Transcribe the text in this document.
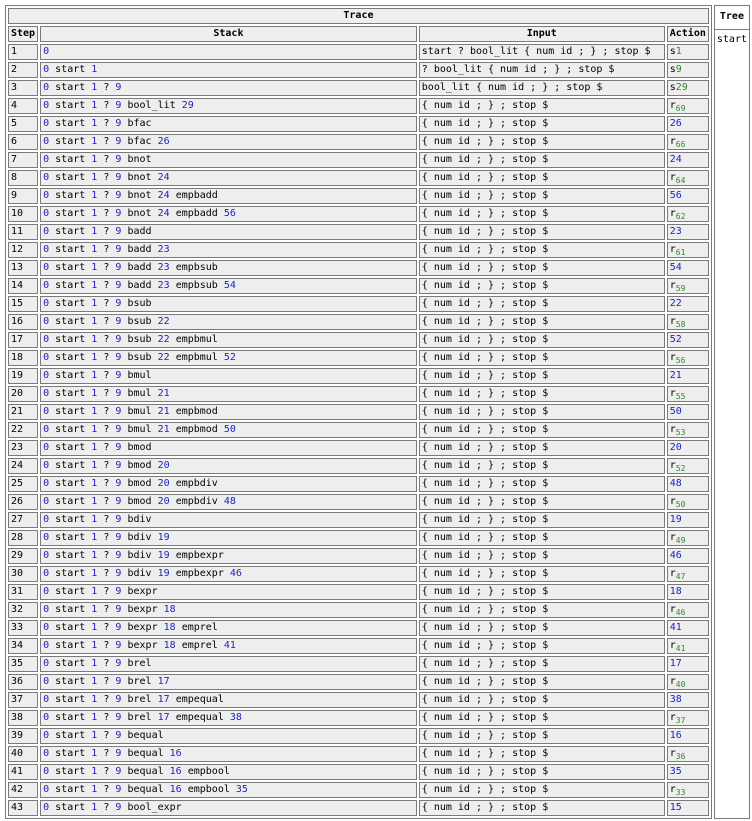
Trace
Step	Stack	Input	Action
1	0	start ? bool_lit { num id ; } ; stop $	s1
2	0 start 1	? bool_lit { num id ; } ; stop $	s9
3	0 start 1 ? 9	bool_lit { num id ; } ; stop $	s29
4	0 start 1 ? 9 bool_lit 29	{ num id ; } ; stop $	$r_{69}$
5	0 start 1 ? 9 bfac	{ num id ; } ; stop $	26
6	0 start 1 ? 9 bfac 26	{ num id ; } ; stop $	$r_{66}$
7	0 start 1 ? 9 bnot	{ num id ; } ; stop $	24
8	0 start 1 ? 9 bnot 24	{ num id ; } ; stop $	$r_{64}$
9	0 start 1 ? 9 bnot 24 empbadd	{ num id ; } ; stop $	56
10	0 start 1 ? 9 bnot 24 empbadd 56	{ num id ; } ; stop $	$r_{62}$
11	0 start 1 ? 9 badd	{ num id ; } ; stop $	23
12	0 start 1 ? 9 badd 23	{ num id ; } ; stop $	$r_{61}$
13	0 start 1 ? 9 badd 23 empbsub	{ num id ; } ; stop $	54
14	0 start 1 ? 9 badd 23 empbsub 54	{ num id ; } ; stop $	$r_{59}$
15	0 start 1 ? 9 bsub	{ num id ; } ; stop $	22
16	0 start 1 ? 9 bsub 22	{ num id ; } ; stop $	$r_{58}$
17	0 start 1 ? 9 bsub 22 empbmul	{ num id ; } ; stop $	52
18	0 start 1 ? 9 bsub 22 empbmul 52	{ num id ; } ; stop $	$r_{56}$
19	0 start 1 ? 9 bmul	{ num id ; } ; stop $	21
20	0 start 1 ? 9 bmul 21	{ num id ; } ; stop $	$r_{55}$
21	0 start 1 ? 9 bmul 21 empbmod	{ num id ; } ; stop $	50
22	0 start 1 ? 9 bmul 21 empbmod 50	{ num id ; } ; stop $	$r_{53}$
23	0 start 1 ? 9 bmod	{ num id ; } ; stop $	20
24	0 start 1 ? 9 bmod 20	{ num id ; } ; stop $	$r_{52}$
25	0 start 1 ? 9 bmod 20 empbdiv	{ num id ; } ; stop $	48
26	0 start 1 ? 9 bmod 20 empbdiv 48	{ num id ; } ; stop $	$r_{50}$
27	0 start 1 ? 9 bdiv	{ num id ; } ; stop $	19
28	0 start 1 ? 9 bdiv 19	{ num id ; } ; stop $	$r_{49}$
29	0 start 1 ? 9 bdiv 19 empbexpr	{ num id ; } ; stop $	46
30	0 start 1 ? 9 bdiv 19 empbexpr 46	{ num id ; } ; stop $	$r_{47}$
31	0 start 1 ? 9 bexpr	{ num id ; } ; stop $	18
32	0 start 1 ? 9 bexpr 18	{ num id ; } ; stop $	$r_{46}$
33	0 start 1 ? 9 bexpr 18 emprel	{ num id ; } ; stop $	41
34	0 start 1 ? 9 bexpr 18 emprel 41	{ num id ; } ; stop $	$r_{41}$
35	0 start 1 ? 9 brel	{ num id ; } ; stop $	17
36	0 start 1 ? 9 brel 17	{ num id ; } ; stop $	$r_{40}$
37	0 start 1 ? 9 brel 17 empequal	{ num id ; } ; stop $	38
38	0 start 1 ? 9 brel 17 empequal 38	{ num id ; } ; stop $	$r_{37}$
39	0 start 1 ? 9 bequal	{ num id ; } ; stop $	16
40	0 start 1 ? 9 bequal 16	{ num id ; } ; stop $	$r_{36}$
41	0 start 1 ? 9 bequal 16 empbool	{ num id ; } ; stop $	35
42	0 start 1 ? 9 bequal 16 empbool 35	{ num id ; } ; stop $	$r_{33}$
43	0 start 1 ? 9 bool_expr	{ num id ; } ; stop $	15

Tree
start
